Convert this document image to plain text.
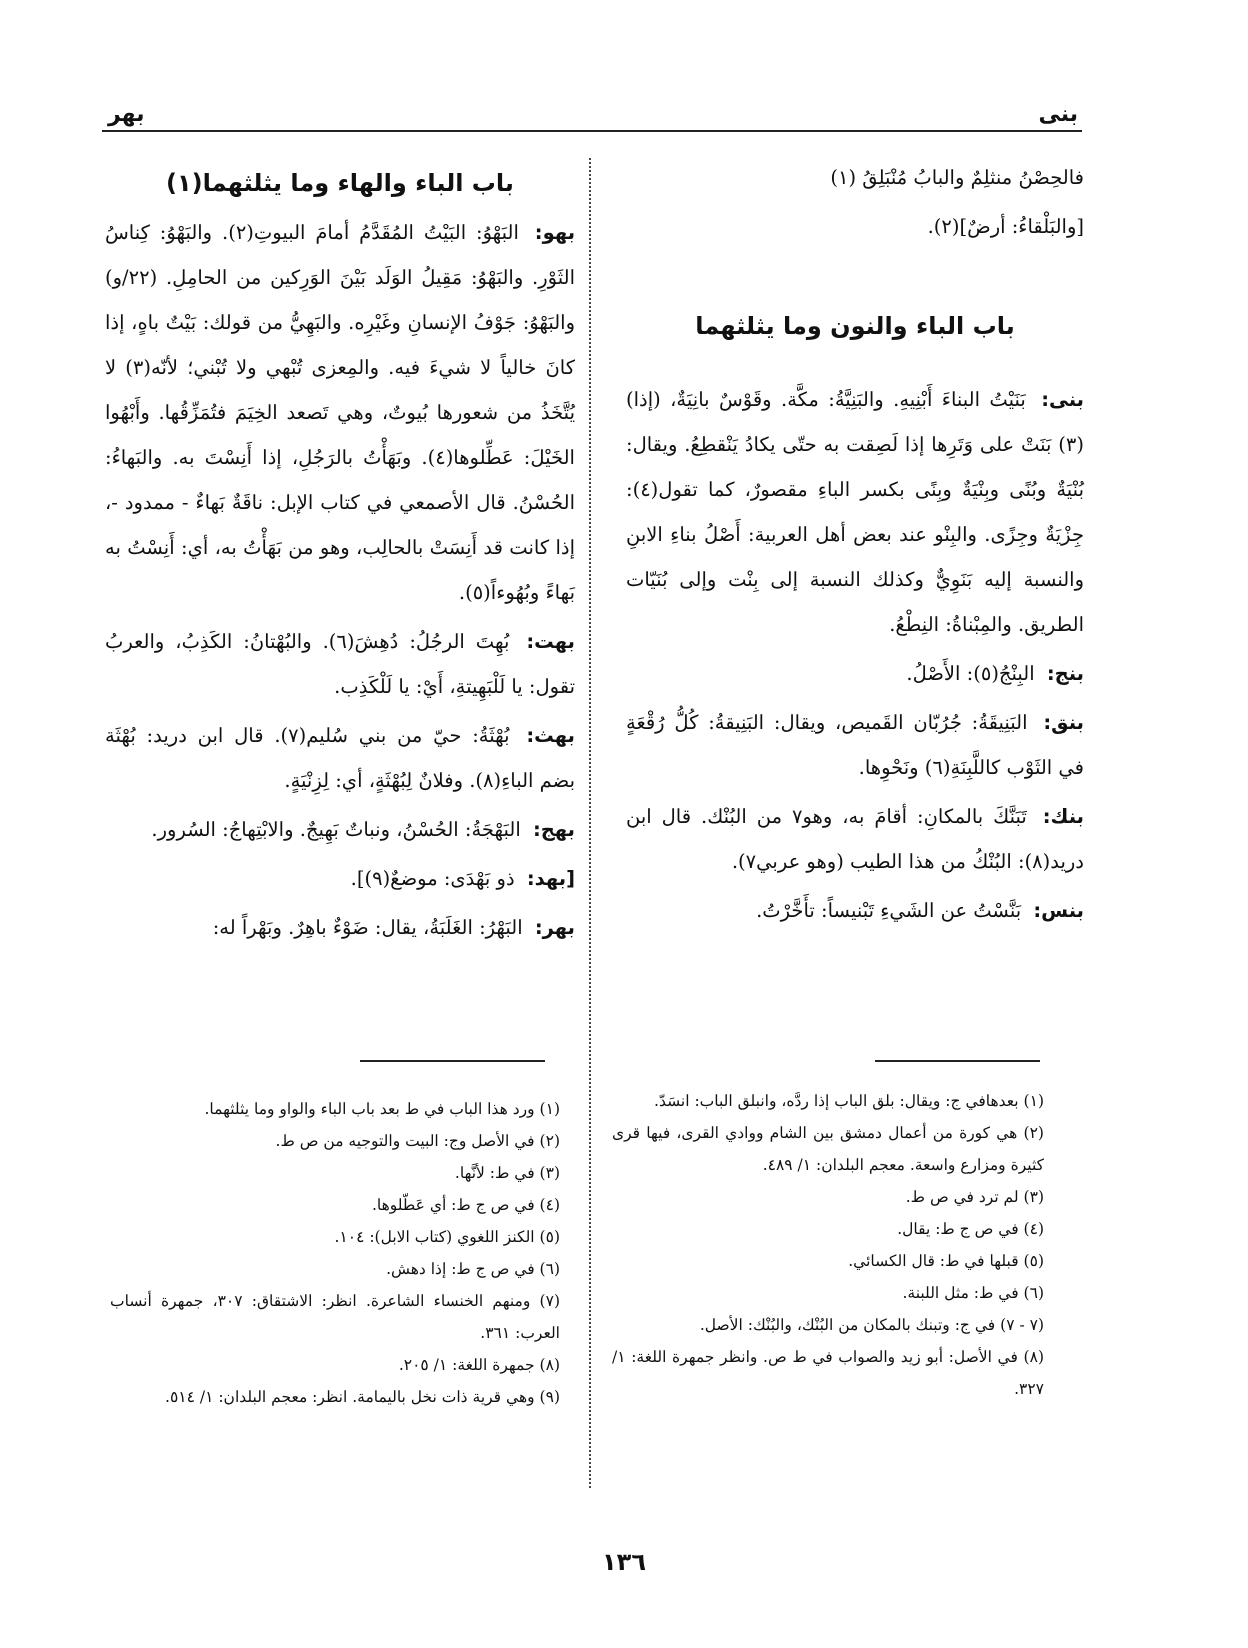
بنى
بهر

فالحِصْنُ منثلِمٌ والبابُ مُنْبَلِقُ (١)

[والبَلْقاءُ: أرضٌ](٢).

باب الباء والنون وما يثلثهما

بنى: بَنَيْتُ البناءَ أَبْنِيهِ. والبَنِيَّةُ: مكَّة. وقَوْسٌ بانِيَةٌ، (إذا)(٣) بَنَتْ على وَتَرِها إذا لَصِقت به حتّى يكادُ يَنْقطِعُ. ويقال: بُنْيَةٌ وبُنًى وبِنْيَةٌ وبِنًى بكسر الباءِ مقصورٌ، كما تقول(٤): جِزْيَةٌ وجِزًى. والبِنْو عند بعض أهل العربية: أَصْلُ بناءِ الابنِ والنسبة إليه بَنَوِيٌّ وكذلك النسبة إلى بِنْت وإلى بُنَيّات الطريق. والمِبْناةُ: النِطْعُ.

بنج: البِنْجُ(٥): الأَصْلُ.

بنق: البَنِيقَةُ: جُرُبّان القَميص، ويقال: البَنِيقةُ: كُلُّ رُقْعَةٍ في الثَوْب كاللَّبِنَةِ(٦) ونَحْوِها.

بنك: تَبَنَّكَ بالمكانِ: أقامَ به، وهو٧ من البُنْك. قال ابن دريد(٨): البُنْكُ من هذا الطيب (وهو عربي٧).

بنس: بَنَّسْتُ عن الشَيءِ تَبْنيساً: تأَخَّرْتُ.

باب الباء والهاء وما يثلثهما(١)

بهو: البَهْوُ: البَيْتُ المُقَدَّمُ أمامَ البيوتِ(٢). والبَهْوُ: كِناسُ الثَوْرِ. والبَهْوُ: مَقِيلُ الوَلَد بَيْنَ الوَرِكين من الحامِلِ. (٢٢/و) والبَهْوُ: جَوْفُ الإنسانِ وغَيْرِه. والبَهِيُّ من قولك: بَيْتٌ باهٍ، إذا كانَ خالياً لا شيءَ فيه. والمِعزى تُبْهي ولا تُبْني؛ لأنّه(٣) لا يُتَّخَذُ من شعورها بُيوتٌ، وهي تَصعد الخِيَمَ فتُمَزِّقُها. وأَبْهُوا الخَيْلَ: عَطِّلوها(٤). وبَهَأْتُ بالرَجُلِ، إذا أَنِسْتَ به. والبَهاءُ: الحُسْنُ. قال الأصمعي في كتاب الإبل: ناقَةٌ بَهاءٌ - ممدود -، إذا كانت قد أَنِسَتْ بالحالِب، وهو من بَهَأْتُ به، أي: أَنِسْتُ به بَهاءً وبُهُوءاً(٥).

بهت: بُهِتَ الرجُلُ: دُهِشَ(٦). والبُهْتانُ: الكَذِبُ، والعربُ تقول: يا لَلْبَهِيتةِ، أَيْ: يا لَلْكَذِب.

بهث: بُهْثَةُ: حيّ من بني سُليم(٧). قال ابن دريد: بُهْثَة بضم الباءِ(٨). وفلانٌ لِبُهْثَةٍ، أي: لِزِنْيَةٍ.

بهج: البَهْجَةُ: الحُسْنُ، ونباتٌ بَهِيجٌ. والابْتِهاجُ: السُرور.

[بهد: ذو بَهْدَى: موضعٌ(٩)].

بهر: البَهْرُ: الغَلَبَةُ، يقال: ضَوْءٌ باهِرٌ. وبَهْراً له:

(١) بعدهافي ج: ويقال: بلق الباب إذا ردَّه، وانبلق الباب: انسَدّ.
(٢) هي كورة من أعمال دمشق بين الشام ووادي القرى، فيها قرى كثيرة ومزارع واسعة. معجم البلدان: ١/ ٤٨٩.
(٣) لم ترد في ص ط.
(٤) في ص ج ط: يقال.
(٥) قبلها في ط: قال الكسائي.
(٦) في ط: مثل اللبنة.
(٧ - ٧) في ج: وتبنك بالمكان من البُنْك، والبُنْك: الأصل.
(٨) في الأصل: أبو زيد والصواب في ط ص. وانظر جمهرة اللغة: ١/ ٣٢٧.
(١) ورد هذا الباب في ط بعد باب الباء والواو وما يثلثهما.
(٢) في الأصل وج: البيت والتوجيه من ص ط.
(٣) في ط: لأنَّها.
(٤) في ص ج ط: أي عَطّلوها.
(٥) الكنز اللغوي (كتاب الابل): ١٠٤.
(٦) في ص ج ط: إذا دهش.
(٧) ومنهم الخنساء الشاعرة. انظر: الاشتقاق: ٣٠٧، جمهرة أنساب العرب: ٣٦١.
(٨) جمهرة اللغة: ١/ ٢٠٥.
(٩) وهي قرية ذات نخل باليمامة. انظر: معجم البلدان: ١/ ٥١٤.
١٣٦
